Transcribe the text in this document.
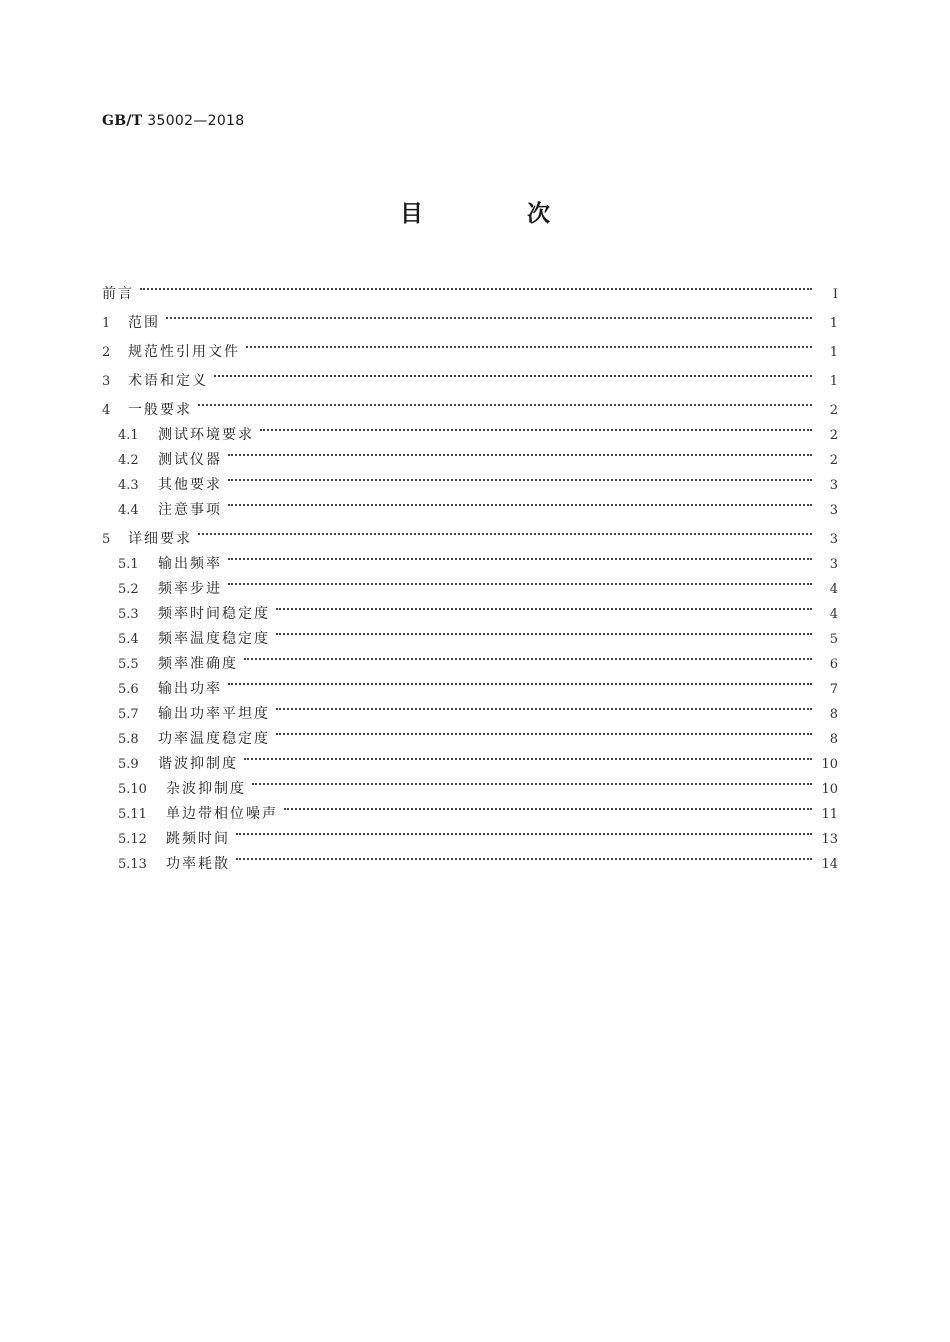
GB/T 35002—2018
目 次
前言	Ⅰ
1	范围	1
2	规范性引用文件	1
3	术语和定义	1
4	一般要求	2
4.1	测试环境要求	2
4.2	测试仪器	2
4.3	其他要求	3
4.4	注意事项	3
5	详细要求	3
5.1	输出频率	3
5.2	频率步进	4
5.3	频率时间稳定度	4
5.4	频率温度稳定度	5
5.5	频率准确度	6
5.6	输出功率	7
5.7	输出功率平坦度	8
5.8	功率温度稳定度	8
5.9	谐波抑制度	10
5.10	杂波抑制度	10
5.11	单边带相位噪声	11
5.12	跳频时间	13
5.13	功率耗散	14
